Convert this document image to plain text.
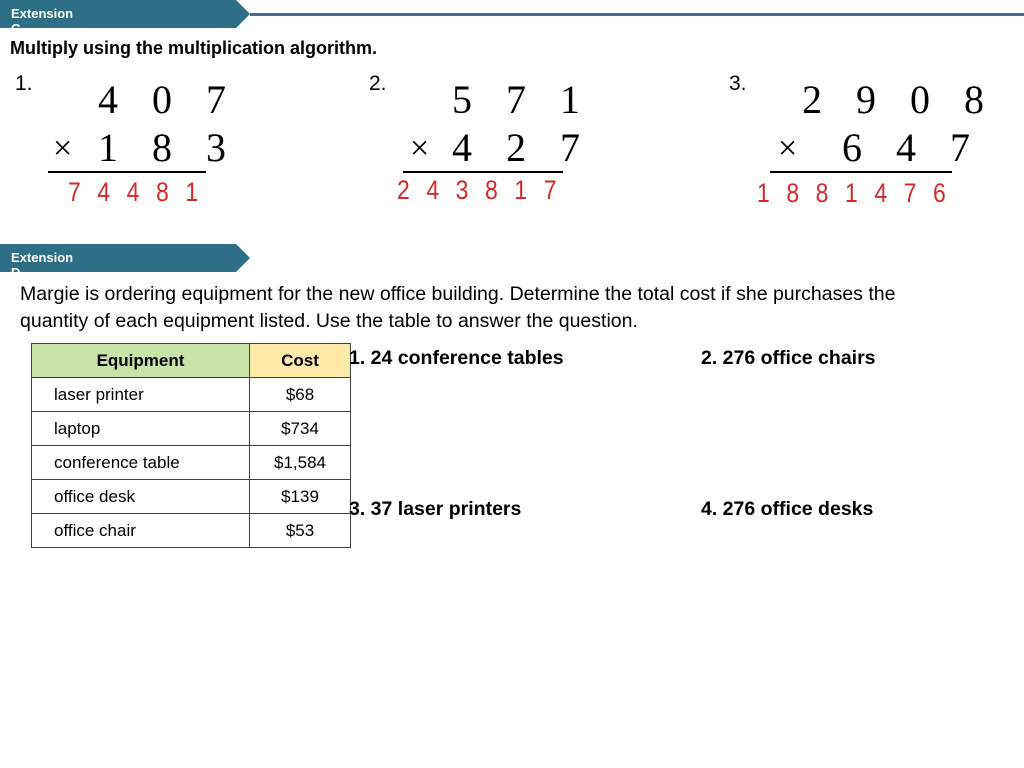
Extension C
Multiply using the multiplication algorithm.
1. 4 0 7
× 1 8 3
7 4 4 8 1
2. 5 7 1
× 4 2 7
2 4 3 8 1 7
3. 2 9 0 8
× 6 4 7
1 8 8 1 4 7 6
Extension D
Margie is ordering equipment for the new office building. Determine the total cost if she purchases the quantity of each equipment listed. Use the table to answer the question.
Equipment	Cost
laser printer	$68
laptop	$734
conference table	$1,584
office desk	$139
office chair	$53
1. 24 conference tables	2. 276 office chairs
3. 37 laser printers	4. 276 office desks
